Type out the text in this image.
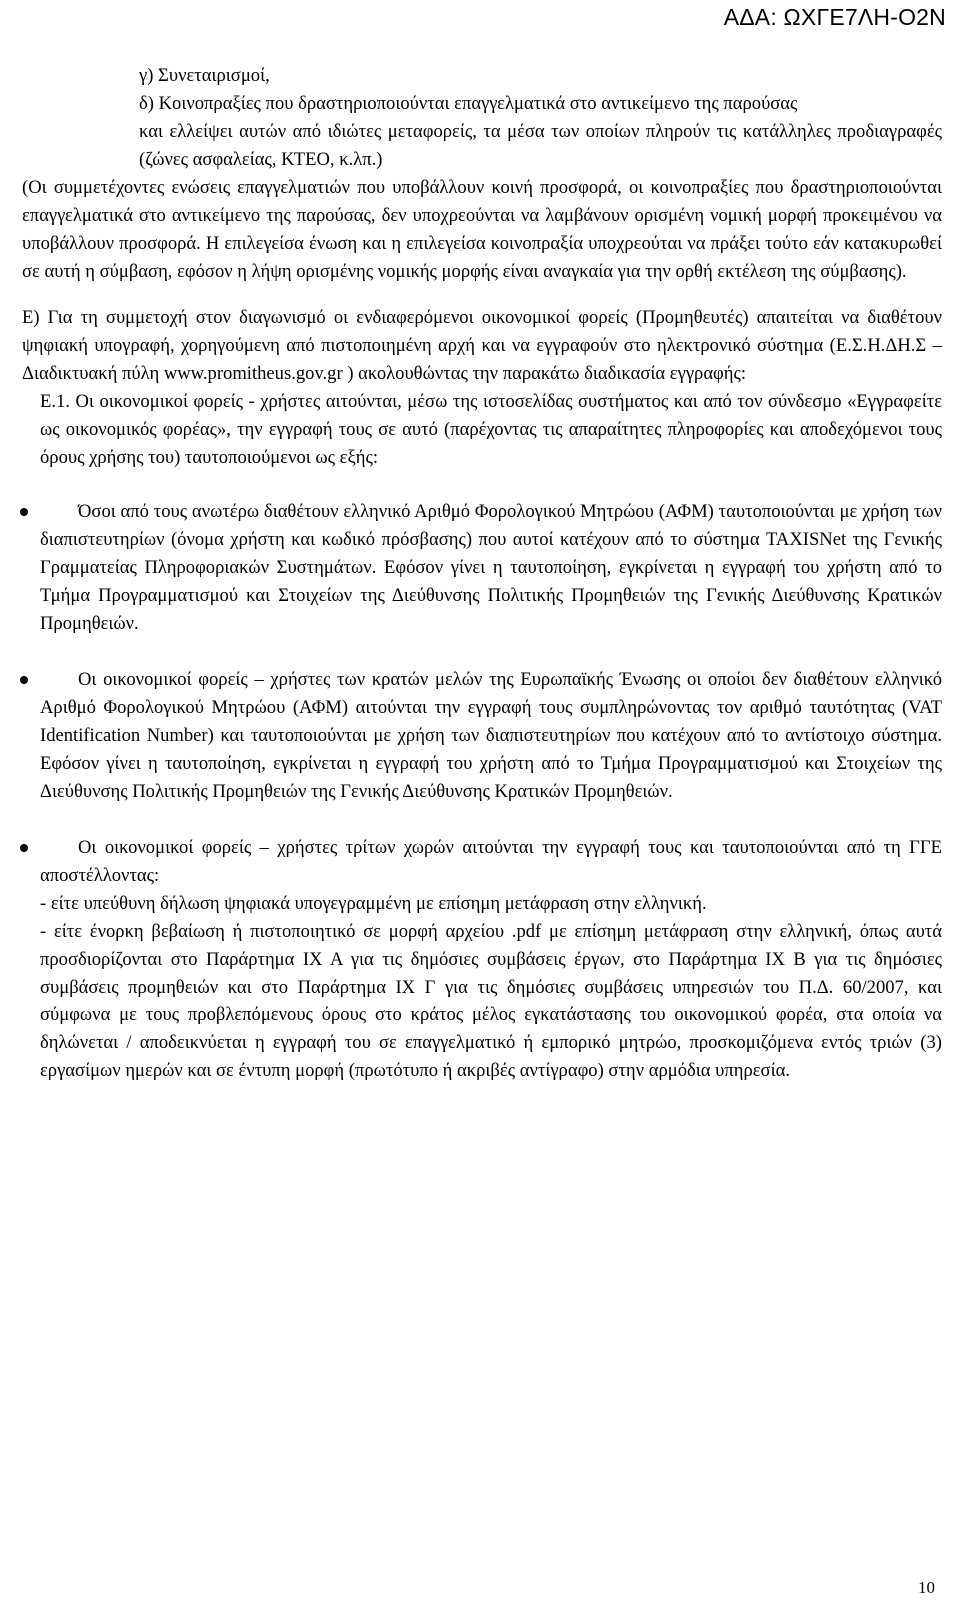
ΑΔΑ: ΩΧΓΕ7ΛΗ-Ο2Ν

γ) Συνεταιρισμοί,

δ) Κοινοπραξίες που δραστηριοποιούνται επαγγελματικά στο αντικείμενο της παρούσας

και ελλείψει αυτών από ιδιώτες μεταφορείς, τα μέσα των οποίων πληρούν τις κατάλληλες προδιαγραφές (ζώνες ασφαλείας, ΚΤΕΟ, κ.λπ.)

(Οι συμμετέχοντες ενώσεις επαγγελματιών που υποβάλλουν κοινή προσφορά, οι κοινοπραξίες που δραστηριοποιούνται επαγγελματικά στο αντικείμενο της παρούσας, δεν υποχρεούνται να λαμβάνουν ορισμένη νομική μορφή προκειμένου να υποβάλλουν προσφορά. Η επιλεγείσα ένωση και η επιλεγείσα κοινοπραξία υποχρεούται να πράξει τούτο εάν κατακυρωθεί σε αυτή η σύμβαση, εφόσον η λήψη ορισμένης νομικής μορφής είναι αναγκαία για την ορθή εκτέλεση της σύμβασης).

Ε) Για τη συμμετοχή στον διαγωνισμό οι ενδιαφερόμενοι οικονομικοί φορείς (Προμηθευτές) απαιτείται να διαθέτουν ψηφιακή υπογραφή, χορηγούμενη από πιστοποιημένη αρχή και να εγγραφούν στο ηλεκτρονικό σύστημα (Ε.Σ.Η.ΔΗ.Σ – Διαδικτυακή πύλη www.promitheus.gov.gr ) ακολουθώντας την παρακάτω διαδικασία εγγραφής:

Ε.1. Οι οικονομικοί φορείς - χρήστες αιτούνται, μέσω της ιστοσελίδας συστήματος και από τον σύνδεσμο «Εγγραφείτε ως οικονομικός φορέας», την εγγραφή τους σε αυτό (παρέχοντας τις απαραίτητες πληροφορίες και αποδεχόμενοι τους όρους χρήσης του) ταυτοποιούμενοι ως εξής:

Όσοι από τους ανωτέρω διαθέτουν ελληνικό Αριθμό Φορολογικού Μητρώου (ΑΦΜ) ταυτοποιούνται με χρήση των διαπιστευτηρίων (όνομα χρήστη και κωδικό πρόσβασης) που αυτοί κατέχουν από το σύστημα TAXISNet της Γενικής Γραμματείας Πληροφοριακών Συστημάτων. Εφόσον γίνει η ταυτοποίηση, εγκρίνεται η εγγραφή του χρήστη από το Τμήμα Προγραμματισμού και Στοιχείων της Διεύθυνσης Πολιτικής Προμηθειών της Γενικής Διεύθυνσης Κρατικών Προμηθειών.
Οι οικονομικοί φορείς – χρήστες των κρατών μελών της Ευρωπαϊκής Ένωσης οι οποίοι δεν διαθέτουν ελληνικό Αριθμό Φορολογικού Μητρώου (ΑΦΜ) αιτούνται την εγγραφή τους συμπληρώνοντας τον αριθμό ταυτότητας (VAT Identification Number) και ταυτοποιούνται με χρήση των διαπιστευτηρίων που κατέχουν από το αντίστοιχο σύστημα. Εφόσον γίνει η ταυτοποίηση, εγκρίνεται η εγγραφή του χρήστη από το Τμήμα Προγραμματισμού και Στοιχείων της Διεύθυνσης Πολιτικής Προμηθειών της Γενικής Διεύθυνσης Κρατικών Προμηθειών.
Οι οικονομικοί φορείς – χρήστες τρίτων χωρών αιτούνται την εγγραφή τους και ταυτοποιούνται από τη ΓΓΕ αποστέλλοντας:
- είτε υπεύθυνη δήλωση ψηφιακά υπογεγραμμένη με επίσημη μετάφραση στην ελληνική.
- είτε ένορκη βεβαίωση ή πιστοποιητικό σε μορφή αρχείου .pdf με επίσημη μετάφραση στην ελληνική, όπως αυτά προσδιορίζονται στο Παράρτημα ΙΧ Α για τις δημόσιες συμβάσεις έργων, στο Παράρτημα ΙΧ Β για τις δημόσιες συμβάσεις προμηθειών και στο Παράρτημα ΙΧ Γ για τις δημόσιες συμβάσεις υπηρεσιών του Π.Δ. 60/2007, και σύμφωνα με τους προβλεπόμενους όρους στο κράτος μέλος εγκατάστασης του οικονομικού φορέα, στα οποία να δηλώνεται / αποδεικνύεται η εγγραφή του σε επαγγελματικό ή εμπορικό μητρώο, προσκομιζόμενα εντός τριών (3) εργασίμων ημερών και σε έντυπη μορφή (πρωτότυπο ή ακριβές αντίγραφο) στην αρμόδια υπηρεσία.
10
